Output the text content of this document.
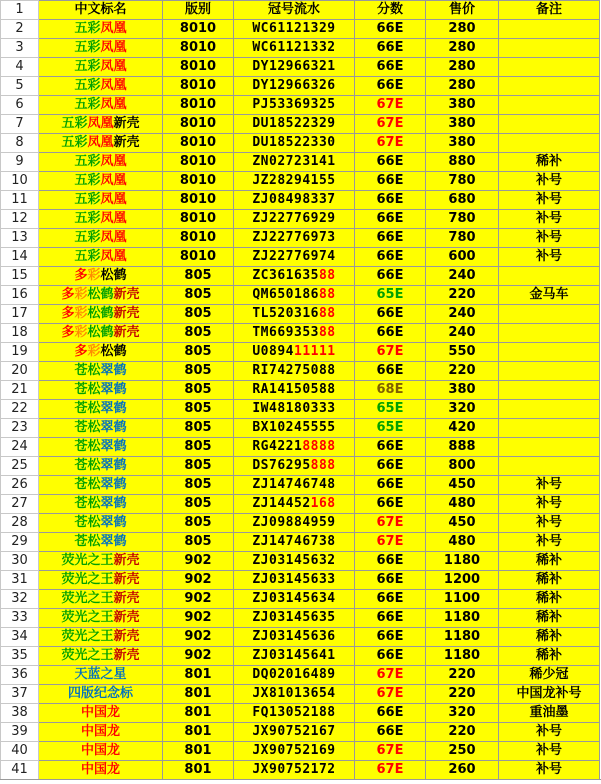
1	中文标名	版别	冠号流水	分数	售价	备注
2	五彩凤凰	8010	WC61121329	66E	280	
3	五彩凤凰	8010	WC61121332	66E	280	
4	五彩凤凰	8010	DY12966321	66E	280	
5	五彩凤凰	8010	DY12966326	66E	280	
6	五彩凤凰	8010	PJ53369325	67E	380	
7	五彩凤凰新壳	8010	DU18522329	67E	380	
8	五彩凤凰新壳	8010	DU18522330	67E	380	
9	五彩凤凰	8010	ZN02723141	66E	880	稀补
10	五彩凤凰	8010	JZ28294155	66E	780	补号
11	五彩凤凰	8010	ZJ08498337	66E	680	补号
12	五彩凤凰	8010	ZJ22776929	66E	780	补号
13	五彩凤凰	8010	ZJ22776973	66E	780	补号
14	五彩凤凰	8010	ZJ22776974	66E	600	补号
15	多彩松鹤	805	ZC36163588	66E	240	
16	多彩松鹤新壳	805	QM65018688	65E	220	金马车
17	多彩松鹤新壳	805	TL52031688	66E	240	
18	多彩松鹤新壳	805	TM66935388	66E	240	
19	多彩松鹤	805	U089411111	67E	550	
20	苍松翠鹤	805	RI74275088	66E	220	
21	苍松翠鹤	805	RA14150588	68E	380	
22	苍松翠鹤	805	IW48180333	65E	320	
23	苍松翠鹤	805	BX10245555	65E	420	
24	苍松翠鹤	805	RG42218888	66E	888	
25	苍松翠鹤	805	DS76295888	66E	800	
26	苍松翠鹤	805	ZJ14746748	66E	450	补号
27	苍松翠鹤	805	ZJ14452168	66E	480	补号
28	苍松翠鹤	805	ZJ09884959	67E	450	补号
29	苍松翠鹤	805	ZJ14746738	67E	480	补号
30	荧光之王新壳	902	ZJ03145632	66E	1180	稀补
31	荧光之王新壳	902	ZJ03145633	66E	1200	稀补
32	荧光之王新壳	902	ZJ03145634	66E	1100	稀补
33	荧光之王新壳	902	ZJ03145635	66E	1180	稀补
34	荧光之王新壳	902	ZJ03145636	66E	1180	稀补
35	荧光之王新壳	902	ZJ03145641	66E	1180	稀补
36	天蓝之星	801	DQ02016489	67E	220	稀少冠
37	四版纪念标	801	JX81013654	67E	220	中国龙补号
38	中国龙	801	FQ13052188	66E	320	重油墨
39	中国龙	801	JX90752167	66E	220	补号
40	中国龙	801	JX90752169	67E	250	补号
41	中国龙	801	JX90752172	67E	260	补号
